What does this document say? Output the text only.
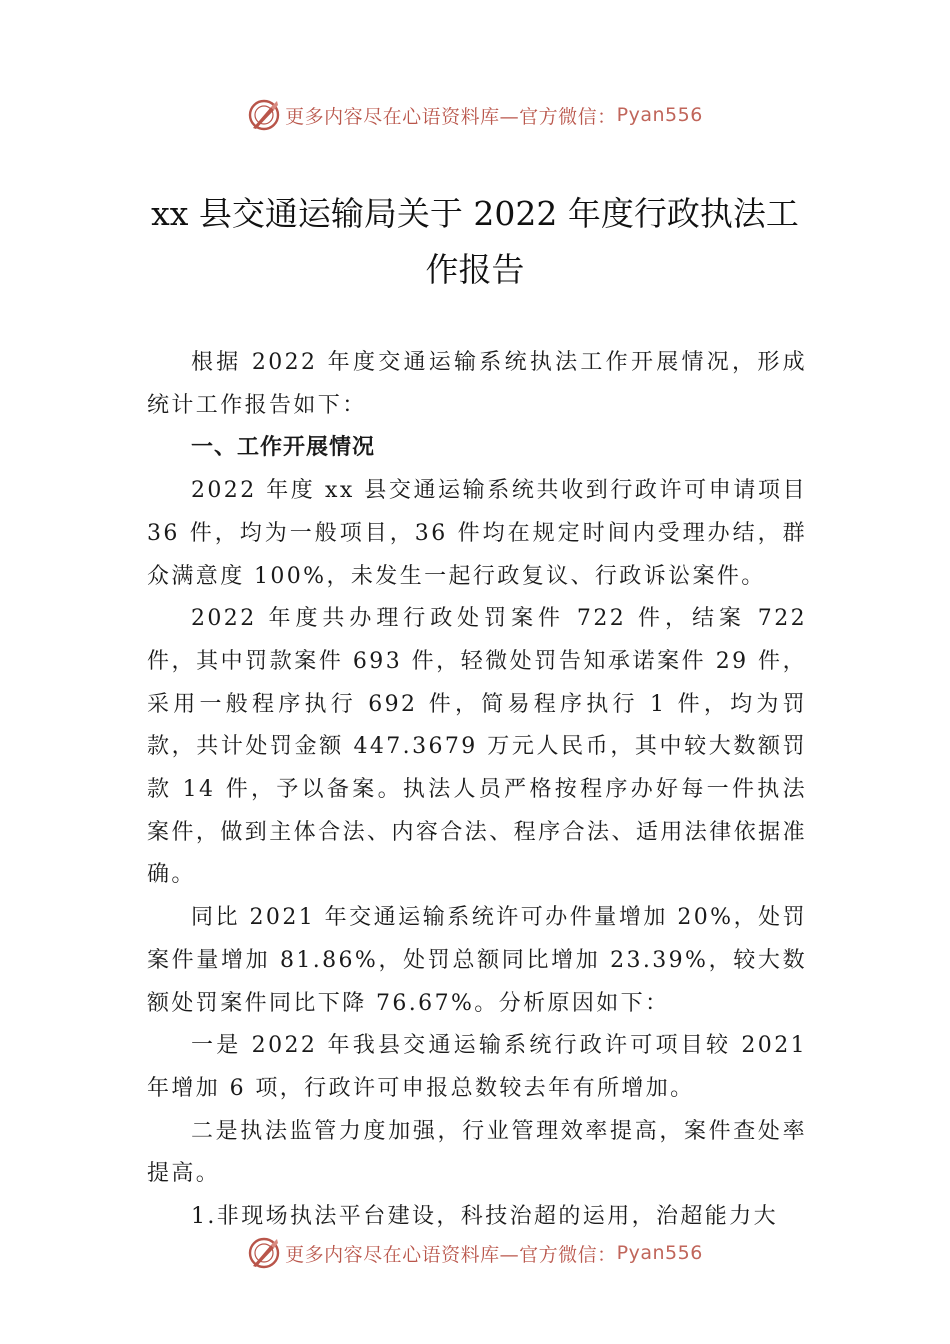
更多内容尽在心语资料库—官方微信： Pyan556
xx 县交通运输局关于 2022 年度行政执法工
作报告

根据 2022 年度交通运输系统执法工作开展情况，形成统计工作报告如下：

一、工作开展情况

2022 年度 xx 县交通运输系统共收到行政许可申请项目 36 件，均为一般项目，36 件均在规定时间内受理办结，群众满意度 100%，未发生一起行政复议、行政诉讼案件。

2022 年度共办理行政处罚案件 722 件，结案 722 件，其中罚款案件 693 件，轻微处罚告知承诺案件 29 件，采用一般程序执行 692 件，简易程序执行 1 件，均为罚款，共计处罚金额 447.3679 万元人民币，其中较大数额罚款 14 件，予以备案。执法人员严格按程序办好每一件执法案件，做到主体合法、内容合法、程序合法、适用法律依据准确。

同比 2021 年交通运输系统许可办件量增加 20%，处罚案件量增加 81.86%，处罚总额同比增加 23.39%，较大数额处罚案件同比下降 76.67%。分析原因如下：

一是 2022 年我县交通运输系统行政许可项目较 2021 年增加 6 项，行政许可申报总数较去年有所增加。

二是执法监管力度加强，行业管理效率提高，案件查处率提高。

1.非现场执法平台建设，科技治超的运用，治超能力大

更多内容尽在心语资料库—官方微信： Pyan556
